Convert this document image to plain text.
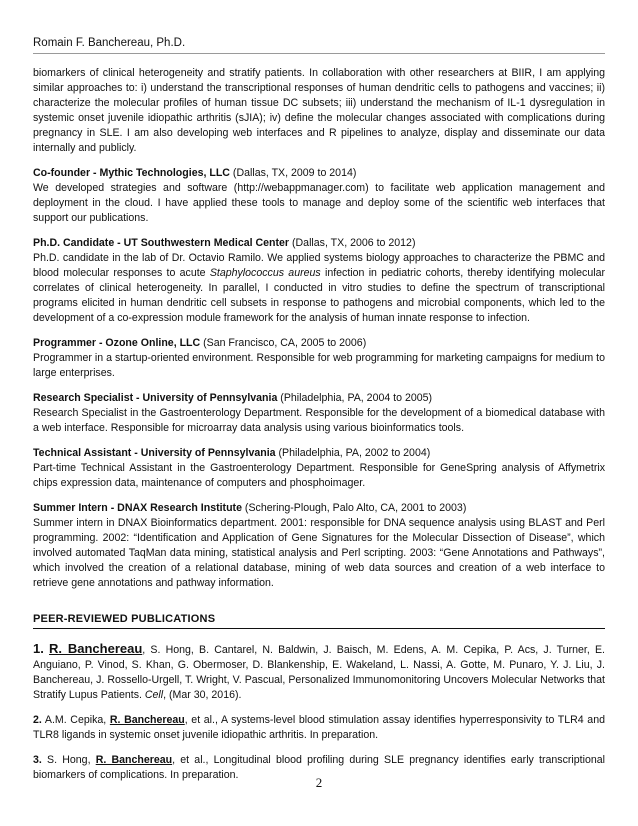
Romain F. Banchereau, Ph.D.

biomarkers of clinical heterogeneity and stratify patients. In collaboration with other researchers at BIIR, I am applying similar approaches to: i) understand the transcriptional responses of human dendritic cells to pathogens and vaccines; ii) characterize the molecular profiles of human tissue DC subsets; iii) understand the mechanism of IL-1 dysregulation in systemic onset juvenile idiopathic arthritis (sJIA); iv) define the molecular changes associated with complications during pregnancy in SLE. I am also developing web interfaces and R pipelines to analyze, display and disseminate our data internally and publicly.

Co-founder - Mythic Technologies, LLC (Dallas, TX, 2009 to 2014)
We developed strategies and software (http://webappmanager.com) to facilitate web application management and deployment in the cloud. I have applied these tools to manage and deploy some of the scientific web interfaces that support our publications.
Ph.D. Candidate - UT Southwestern Medical Center (Dallas, TX, 2006 to 2012)
Ph.D. candidate in the lab of Dr. Octavio Ramilo. We applied systems biology approaches to characterize the PBMC and blood molecular responses to acute Staphylococcus aureus infection in pediatric cohorts, thereby identifying molecular correlates of clinical heterogeneity. In parallel, I conducted in vitro studies to define the spectrum of transcriptional programs elicited in human dendritic cell subsets in response to pathogens and microbial components, which led to the development of a co-expression module framework for the analysis of human innate response to infection.
Programmer - Ozone Online, LLC (San Francisco, CA, 2005 to 2006)
Programmer in a startup-oriented environment. Responsible for web programming for marketing campaigns for medium to large enterprises.
Research Specialist - University of Pennsylvania (Philadelphia, PA, 2004 to 2005)
Research Specialist in the Gastroenterology Department. Responsible for the development of a biomedical database with a web interface. Responsible for microarray data analysis using various bioinformatics tools.
Technical Assistant - University of Pennsylvania (Philadelphia, PA, 2002 to 2004)
Part-time Technical Assistant in the Gastroenterology Department. Responsible for GeneSpring analysis of Affymetrix chips expression data, maintenance of computers and phosphoimager.
Summer Intern - DNAX Research Institute (Schering-Plough, Palo Alto, CA, 2001 to 2003)
Summer intern in DNAX Bioinformatics department. 2001: responsible for DNA sequence analysis using BLAST and Perl programming. 2002: “Identification and Application of Gene Signatures for the Molecular Dissection of Disease”, which involved automated TaqMan data mining, statistical analysis and Perl scripting. 2003: “Gene Annotations and Pathways”, which involved the creation of a relational database, mining of web data sources and creation of a web interface to retrieve gene annotations and pathway information.
PEER-REVIEWED PUBLICATIONS

1. R. Banchereau, S. Hong, B. Cantarel, N. Baldwin, J. Baisch, M. Edens, A. M. Cepika, P. Acs, J. Turner, E. Anguiano, P. Vinod, S. Khan, G. Obermoser, D. Blankenship, E. Wakeland, L. Nassi, A. Gotte, M. Punaro, Y. J. Liu, J. Banchereau, J. Rossello-Urgell, T. Wright, V. Pascual, Personalized Immunomonitoring Uncovers Molecular Networks that Stratify Lupus Patients. Cell, (Mar 30, 2016).

2. A.M. Cepika, R. Banchereau, et al., A systems-level blood stimulation assay identifies hyperresponsivity to TLR4 and TLR8 ligands in systemic onset juvenile idiopathic arthritis. In preparation.

3. S. Hong, R. Banchereau, et al., Longitudinal blood profiling during SLE pregnancy identifies early transcriptional biomarkers of complications. In preparation.	2
